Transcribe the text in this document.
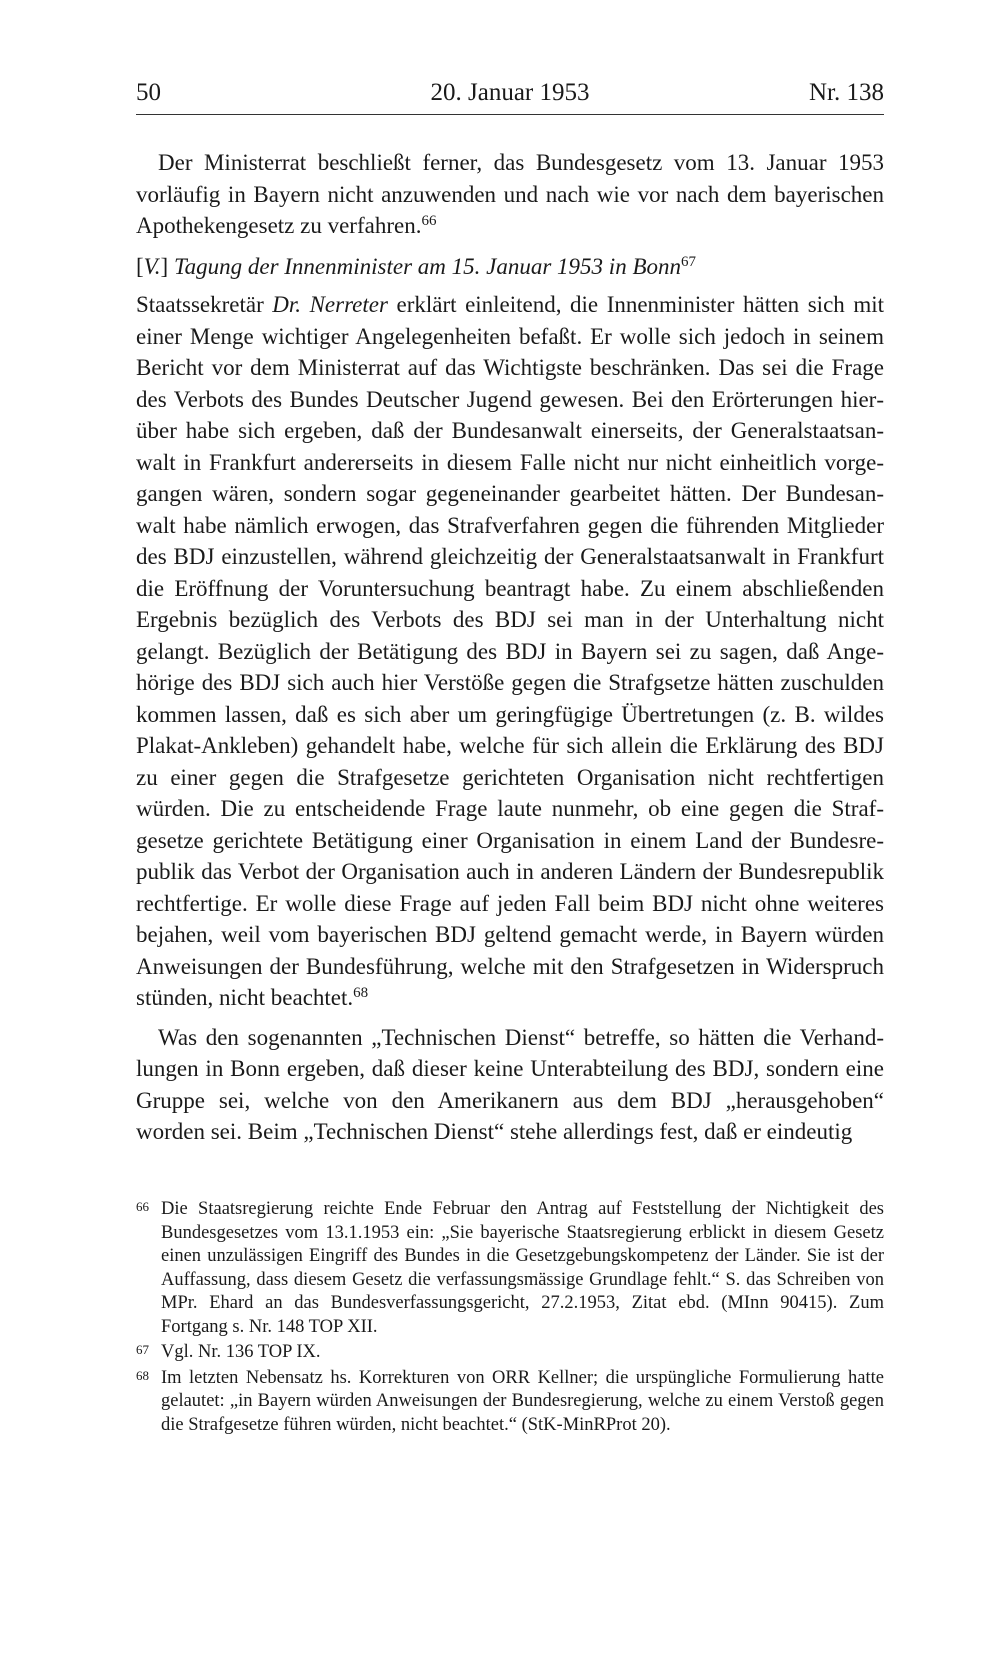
50	20. Januar 1953	Nr. 138

Der Ministerrat beschließt ferner, das Bundesgesetz vom 13. Januar 1953 vorläufig in Bayern nicht anzuwenden und nach wie vor nach dem bayerischen Apothekengesetz zu verfahren.$^{66}$

[V.] Tagung der Innenminister am 15. Januar 1953 in Bonn$^{67}$

Staatssekretär Dr. Nerreter erklärt einleitend, die Innenminister hätten sich mit einer Menge wichtiger Angelegenheiten befaßt. Er wolle sich jedoch in seinem Bericht vor dem Ministerrat auf das Wichtigste beschränken. Das sei die Frage des Verbots des Bundes Deutscher Jugend gewesen. Bei den Erörterungen hierüber habe sich ergeben, daß der Bundesanwalt einerseits, der Generalstaatsanwalt in Frankfurt andererseits in diesem Falle nicht nur nicht einheitlich vorgegangen wären, sondern sogar gegeneinander gearbeitet hätten. Der Bundesanwalt habe nämlich erwogen, das Strafverfahren gegen die führenden Mitglieder des BDJ einzustellen, während gleichzeitig der Generalstaatsanwalt in Frankfurt die Eröffnung der Voruntersuchung beantragt habe. Zu einem abschließenden Ergebnis bezüglich des Verbots des BDJ sei man in der Unterhaltung nicht gelangt. Bezüglich der Betätigung des BDJ in Bayern sei zu sagen, daß Angehörige des BDJ sich auch hier Verstöße gegen die Strafgsetze hätten zuschulden kommen lassen, daß es sich aber um geringfügige Übertretungen (z. B. wildes Plakat-Ankleben) gehandelt habe, welche für sich allein die Erklärung des BDJ zu einer gegen die Strafgesetze gerichteten Organisation nicht rechtfertigen würden. Die zu entscheidende Frage laute nunmehr, ob eine gegen die Strafgesetze gerichtete Betätigung einer Organisation in einem Land der Bundesrepublik das Verbot der Organisation auch in anderen Ländern der Bundesrepublik rechtfertige. Er wolle diese Frage auf jeden Fall beim BDJ nicht ohne weiteres bejahen, weil vom bayerischen BDJ geltend gemacht werde, in Bayern würden Anweisungen der Bundesführung, welche mit den Strafgesetzen in Widerspruch stünden, nicht beachtet.$^{68}$

Was den sogenannten „Technischen Dienst“ betreffe, so hätten die Verhandlungen in Bonn ergeben, daß dieser keine Unterabteilung des BDJ, sondern eine Gruppe sei, welche von den Amerikanern aus dem BDJ „herausgehoben“ worden sei. Beim „Technischen Dienst“ stehe allerdings fest, daß er eindeutig

66 Die Staatsregierung reichte Ende Februar den Antrag auf Feststellung der Nichtigkeit des Bundesgesetzes vom 13.1.1953 ein: „Sie bayerische Staatsregierung erblickt in diesem Gesetz einen unzulässigen Eingriff des Bundes in die Gesetzgebungskompetenz der Länder. Sie ist der Auffassung, dass diesem Gesetz die verfassungsmässige Grundlage fehlt.“ S. das Schreiben von MPr. Ehard an das Bundesverfassungsgericht, 27.2.1953, Zitat ebd. (MInn 90415). Zum Fortgang s. Nr. 148 TOP XII.
67 Vgl. Nr. 136 TOP IX.
68 Im letzten Nebensatz hs. Korrekturen von ORR Kellner; die urspüngliche Formulierung hatte gelautet: „in Bayern würden Anweisungen der Bundesregierung, welche zu einem Verstoß gegen die Strafgesetze führen würden, nicht beachtet.“ (StK-MinRProt 20).
